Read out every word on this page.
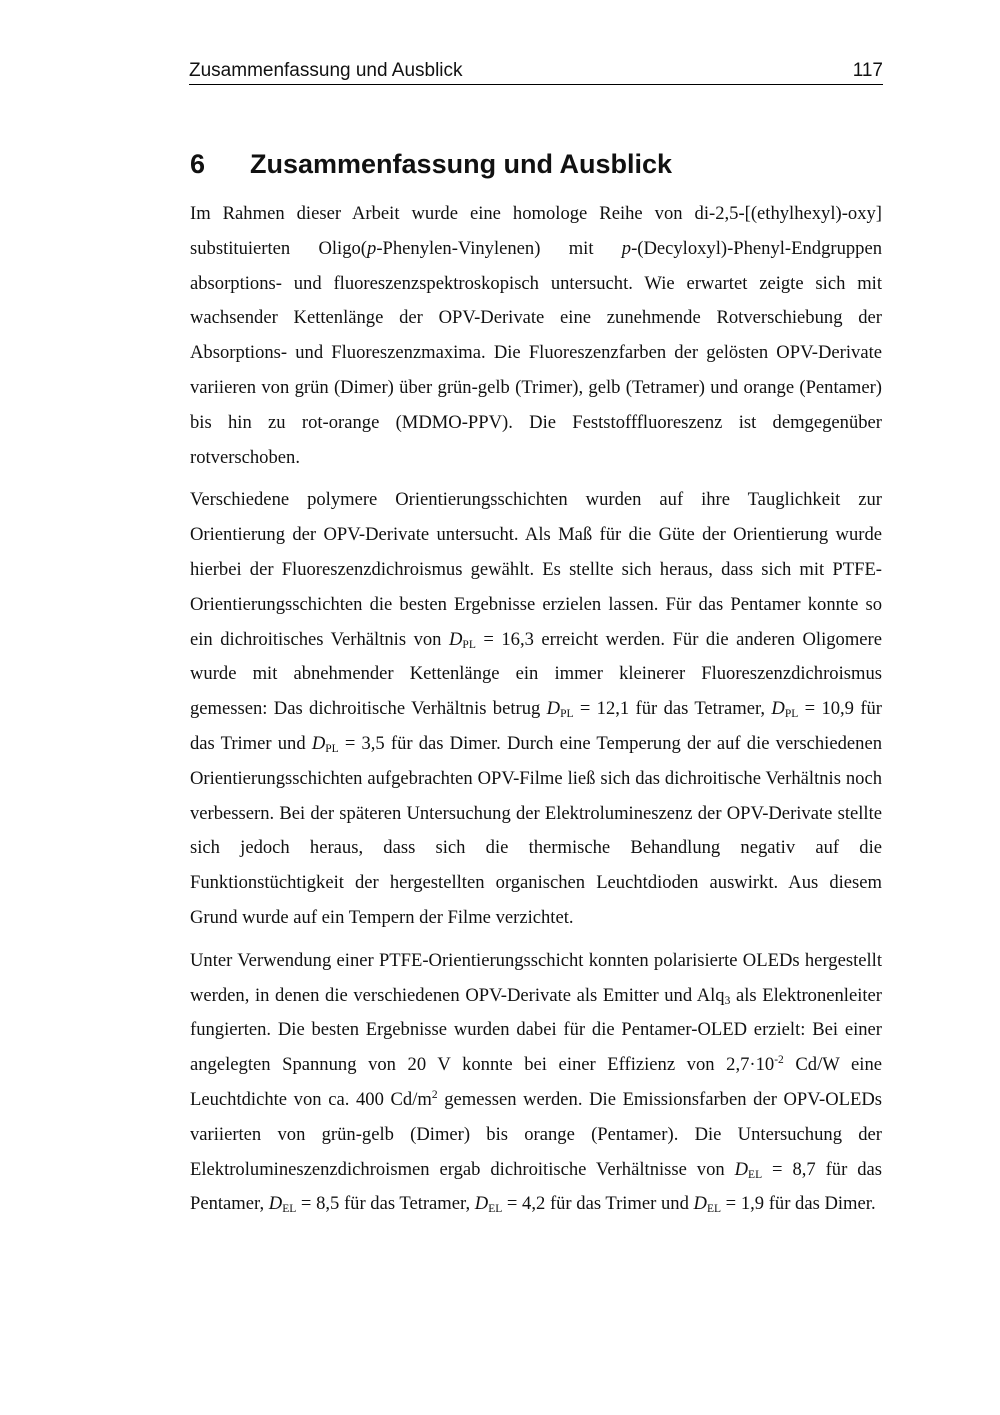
Zusammenfassung und Ausblick	117
6 Zusammenfassung und Ausblick

Im Rahmen dieser Arbeit wurde eine homologe Reihe von di-2,5-[(ethylhexyl)-oxy] substituierten Oligo(p-Phenylen-Vinylenen) mit p-(Decyloxyl)-Phenyl-Endgruppen absorptions- und fluoreszenzspektroskopisch untersucht. Wie erwartet zeigte sich mit wachsender Kettenlänge der OPV-Derivate eine zunehmende Rotverschiebung der Absorptions- und Fluoreszenzmaxima. Die Fluoreszenzfarben der gelösten OPV-Derivate variieren von grün (Dimer) über grün-gelb (Trimer), gelb (Tetramer) und orange (Pentamer) bis hin zu rot-orange (MDMO-PPV). Die Feststofffluoreszenz ist demgegenüber rotverschoben.

Verschiedene polymere Orientierungsschichten wurden auf ihre Tauglichkeit zur Orientierung der OPV-Derivate untersucht. Als Maß für die Güte der Orientierung wurde hierbei der Fluoreszenzdichroismus gewählt. Es stellte sich heraus, dass sich mit PTFE-Orientierungsschichten die besten Ergebnisse erzielen lassen. Für das Pentamer konnte so ein dichroitisches Verhältnis von $D_{PL} = 16,3$ erreicht werden. Für die anderen Oligomere wurde mit abnehmender Kettenlänge ein immer kleinerer Fluoreszenzdichroismus gemessen: Das dichroitische Verhältnis betrug $D_{PL} = 12,1$ für das Tetramer, $D_{PL} = 10,9$ für das Trimer und $D_{PL} = 3,5$ für das Dimer. Durch eine Temperung der auf die verschiedenen Orientierungsschichten aufgebrachten OPV-Filme ließ sich das dichroitische Verhältnis noch verbessern. Bei der späteren Untersuchung der Elektrolumineszenz der OPV-Derivate stellte sich jedoch heraus, dass sich die thermische Behandlung negativ auf die Funktionstüchtigkeit der hergestellten organischen Leuchtdioden auswirkt. Aus diesem Grund wurde auf ein Tempern der Filme verzichtet.

Unter Verwendung einer PTFE-Orientierungsschicht konnten polarisierte OLEDs hergestellt werden, in denen die verschiedenen OPV-Derivate als Emitter und Alq$_3$ als Elektronenleiter fungierten. Die besten Ergebnisse wurden dabei für die Pentamer-OLED erzielt: Bei einer angelegten Spannung von 20 V konnte bei einer Effizienz von $2,7\cdot 10^{-2}$ Cd/W eine Leuchtdichte von ca. 400 $Cd/m^2$ gemessen werden. Die Emissionsfarben der OPV-OLEDs variierten von grün-gelb (Dimer) bis orange (Pentamer). Die Untersuchung der Elektrolumineszenzdichroismen ergab dichroitische Verhältnisse von $D_{EL} = 8,7$ für das Pentamer, $D_{EL} = 8,5$ für das Tetramer, $D_{EL} = 4,2$ für das Trimer und $D_{EL} = 1,9$ für das Dimer.
